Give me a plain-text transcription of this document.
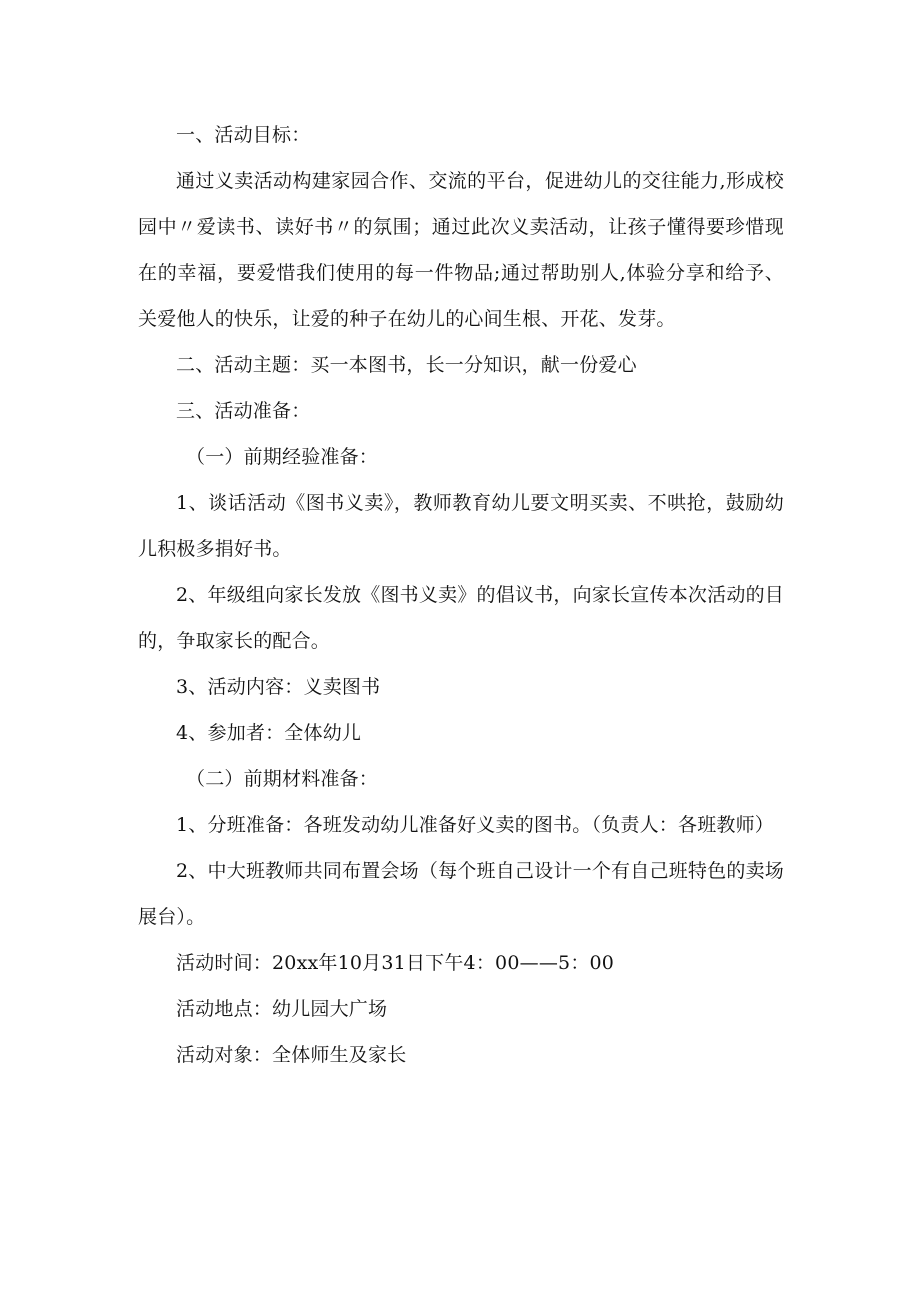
一、活动目标：

通过义卖活动构建家园合作、交流的平台，促进幼儿的交往能力,形成校园中〃爱读书、读好书〃的氛围；通过此次义卖活动，让孩子懂得要珍惜现在的幸福，要爱惜我们使用的每一件物品;通过帮助别人,体验分享和给予、关爱他人的快乐，让爱的种子在幼儿的心间生根、开花、发芽。

二、活动主题：买一本图书，长一分知识，献一份爱心

三、活动准备：

（一）前期经验准备：

1、谈话活动《图书义卖》，教师教育幼儿要文明买卖、不哄抢，鼓励幼儿积极多捐好书。

2、年级组向家长发放《图书义卖》的倡议书，向家长宣传本次活动的目的，争取家长的配合。

3、活动内容：义卖图书

4、参加者：全体幼儿

（二）前期材料准备：

1、分班准备：各班发动幼儿准备好义卖的图书。（负责人：各班教师）

2、中大班教师共同布置会场（每个班自己设计一个有自己班特色的卖场展台）。

活动时间：20xx年10月31日下午4：00——5：00

活动地点：幼儿园大广场

活动对象：全体师生及家长
